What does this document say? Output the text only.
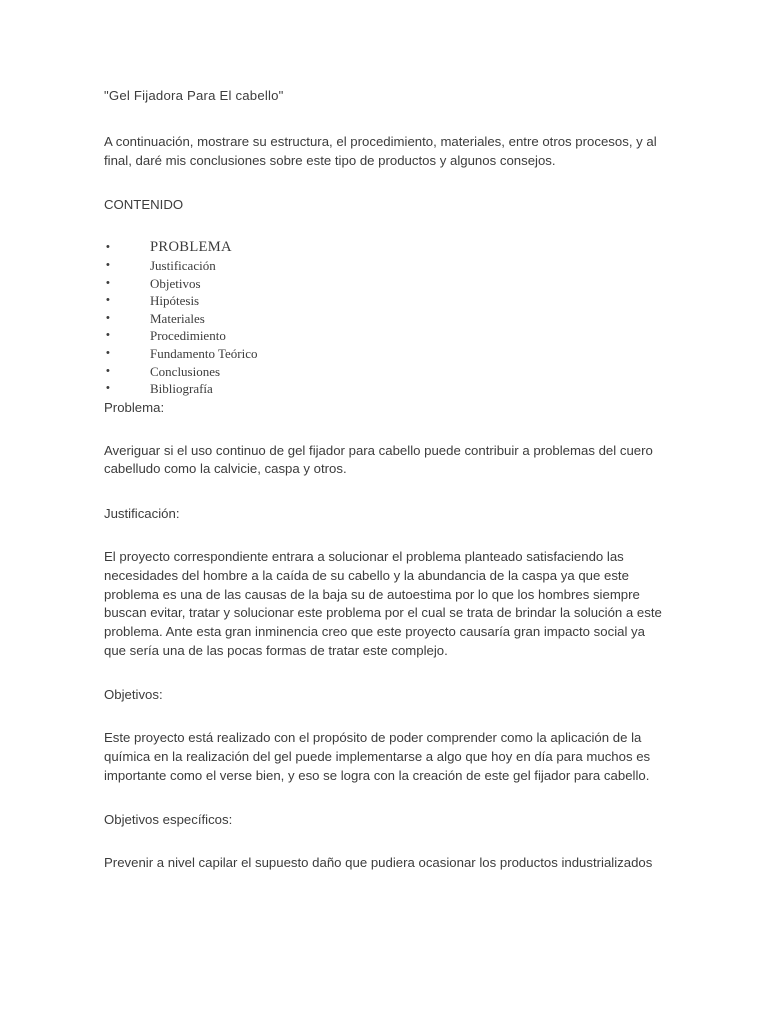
"Gel Fijadora Para El cabello"

A continuación, mostrare su estructura, el procedimiento, materiales, entre otros procesos, y al final, daré mis conclusiones sobre este tipo de productos y algunos consejos.

CONTENIDO

•	PROBLEMA
•	Justificación
•	Objetivos
•	Hipótesis
•	Materiales
•	Procedimiento
•	Fundamento Teórico
•	Conclusiones
•	Bibliografía

Problema:

Averiguar si el uso continuo de gel fijador para cabello puede contribuir a problemas del cuero cabelludo como la calvicie, caspa y otros.

Justificación:

El proyecto correspondiente entrara a solucionar el problema planteado satisfaciendo las necesidades del hombre a la caída de su cabello y la abundancia de la caspa ya que este problema es una de las causas de la baja su de autoestima por lo que los hombres siempre buscan evitar, tratar y solucionar este problema por el cual se trata de brindar la solución a este problema. Ante esta gran inminencia creo que este proyecto causaría gran impacto social ya que sería una de las pocas formas de tratar este complejo.

Objetivos:

Este proyecto está realizado con el propósito de poder comprender como la aplicación de la química en la realización del gel puede implementarse a algo que hoy en día para muchos es importante como el verse bien, y eso se logra con la creación de este gel fijador para cabello.

Objetivos específicos:

Prevenir a nivel capilar el supuesto daño que pudiera ocasionar los productos industrializados
